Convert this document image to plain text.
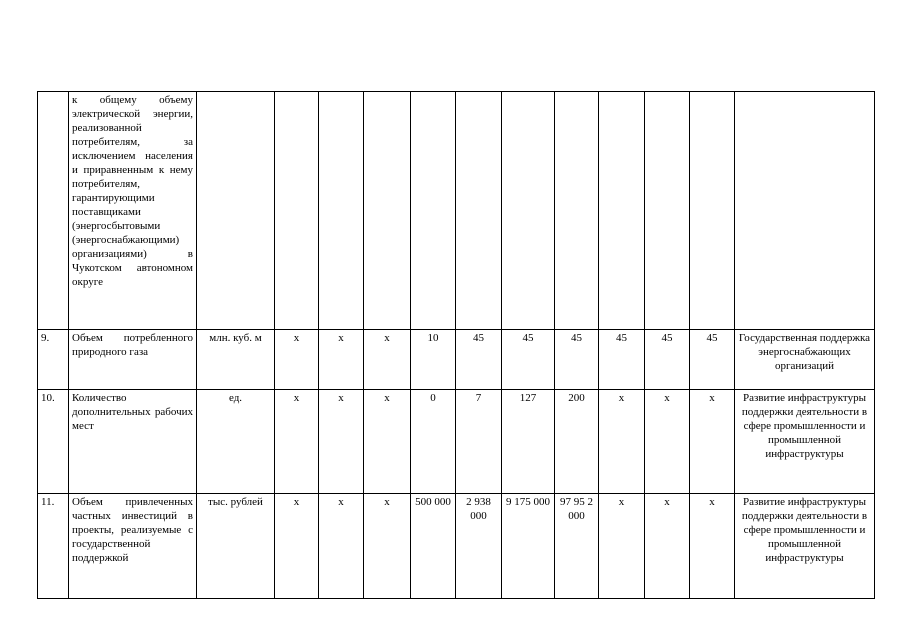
	к общему объему электрической энергии, реализованной потребителям, за исключением населения и приравненным к нему потребителям, гарантирующими поставщиками (энергосбытовыми (энергоснабжающими) организациями) в Чукотском автономном округе												
9.	Объем потребленного природного газа	млн. куб. м	x	x	x	10	45	45	45	45	45	45	Государственная поддержка энергоснабжающих организаций
10.	Количество дополнительных рабочих мест	ед.	x	x	x	0	7	127	200	x	x	x	Развитие инфраструктуры поддержки деятельности в сфере промышленности и промышленной инфраструктуры
11.	Объем привлеченных частных инвестиций в проекты, реализуемые с государственной поддержкой	тыс. рублей	x	x	x	500 000	2 938 000	9 175 000	97 95 2 000	x	x	x	Развитие инфраструктуры поддержки деятельности в сфере промышленности и промышленной инфраструктуры
